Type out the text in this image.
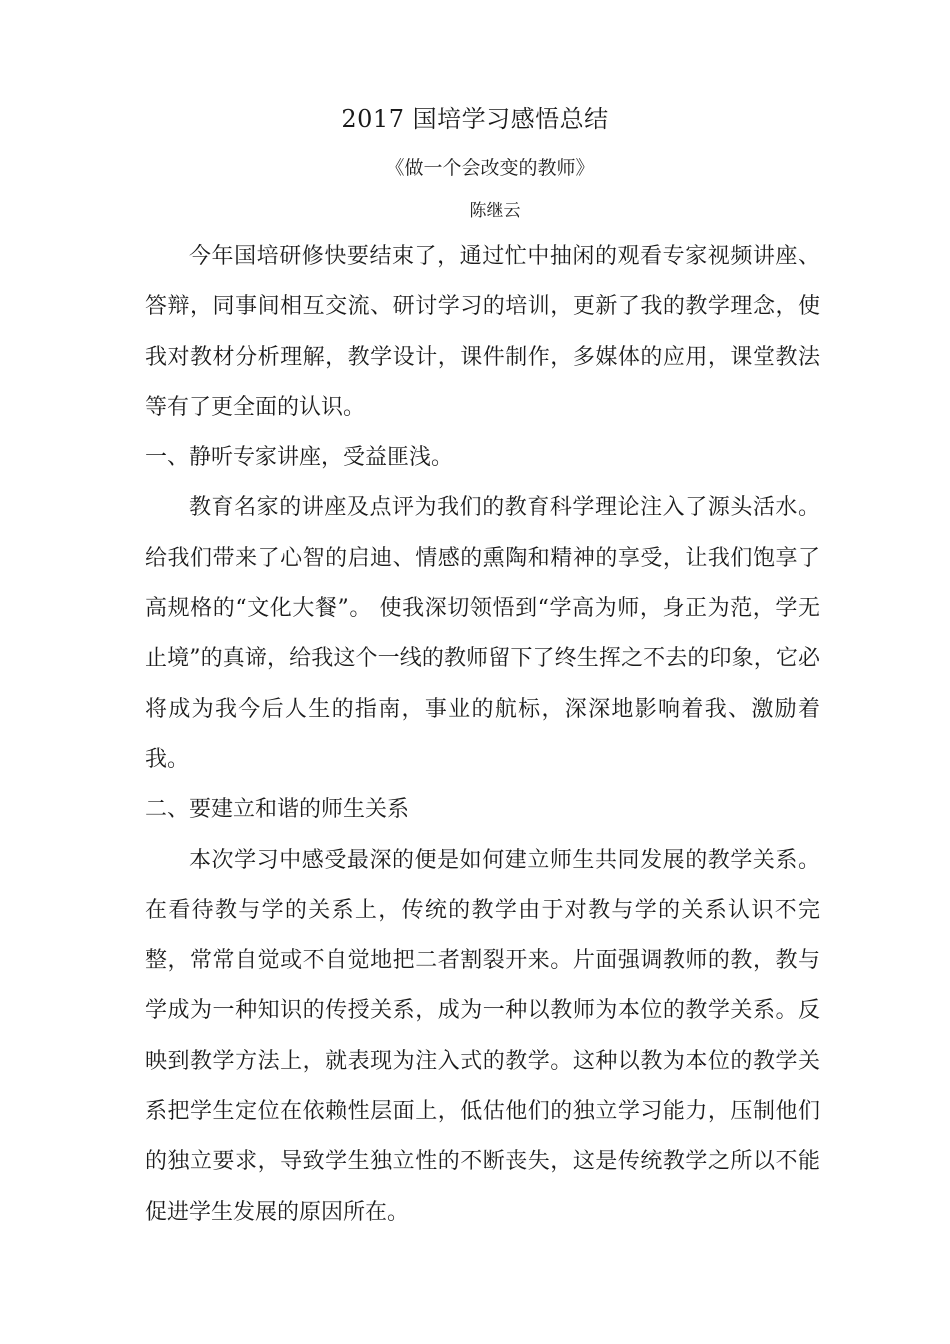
2017 国培学习感悟总结
《做一个会改变的教师》
陈继云

今年国培研修快要结束了，通过忙中抽闲的观看专家视频讲座、答辩，同事间相互交流、研讨学习的培训，更新了我的教学理念，使我对教材分析理解，教学设计，课件制作，多媒体的应用，课堂教法等有了更全面的认识。

一、静听专家讲座，受益匪浅。

教育名家的讲座及点评为我们的教育科学理论注入了源头活水。给我们带来了心智的启迪、情感的熏陶和精神的享受，让我们饱享了高规格的“文化大餐”。 使我深切领悟到“学高为师，身正为范，学无止境”的真谛，给我这个一线的教师留下了终生挥之不去的印象，它必将成为我今后人生的指南，事业的航标，深深地影响着我、激励着我。

二、要建立和谐的师生关系

本次学习中感受最深的便是如何建立师生共同发展的教学关系。在看待教与学的关系上，传统的教学由于对教与学的关系认识不完整，常常自觉或不自觉地把二者割裂开来。片面强调教师的教，教与学成为一种知识的传授关系，成为一种以教师为本位的教学关系。反映到教学方法上，就表现为注入式的教学。这种以教为本位的教学关系把学生定位在依赖性层面上，低估他们的独立学习能力，压制他们的独立要求，导致学生独立性的不断丧失，这是传统教学之所以不能促进学生发展的原因所在。
